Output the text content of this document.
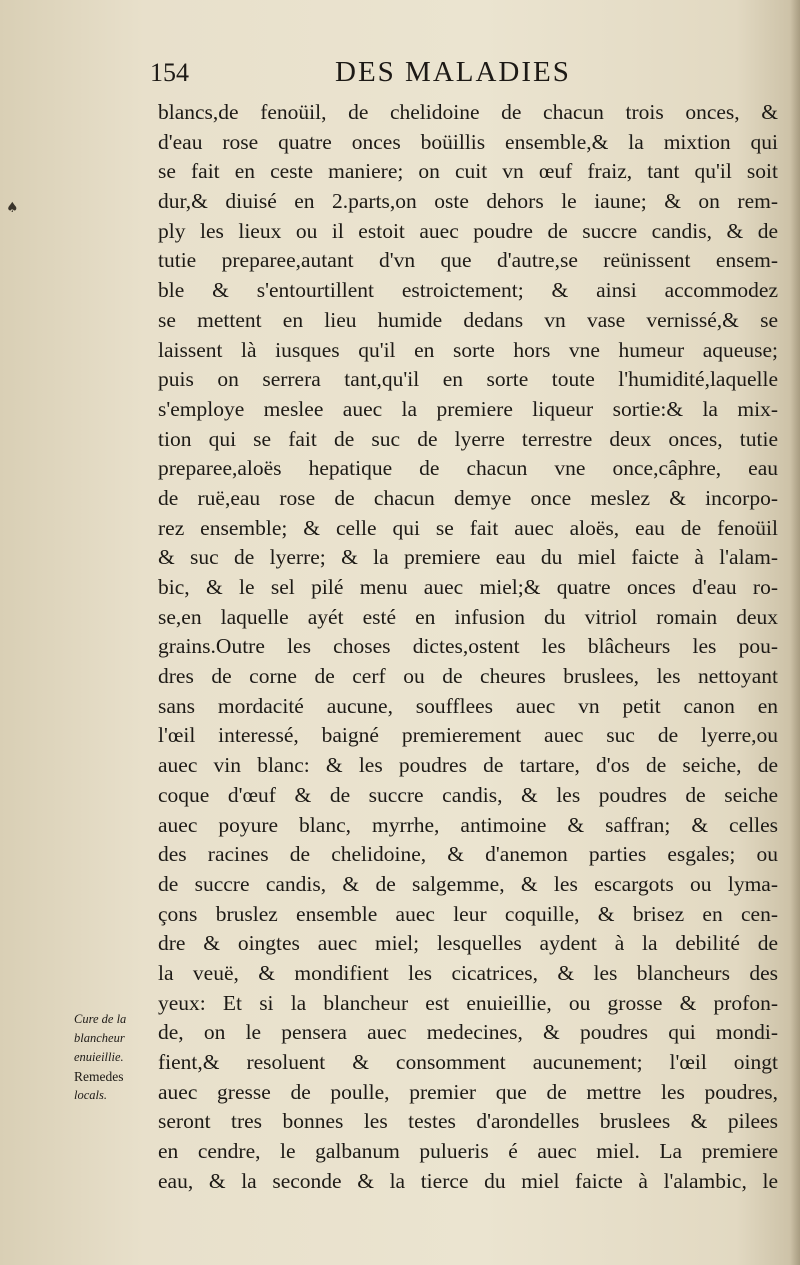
♠
154	DES MALADIES
blancs,de fenoüil, de chelidoine de chacun trois onces, &
d'eau rose quatre onces boüillis ensemble,& la mixtion qui
se fait en ceste maniere; on cuit vn œuf fraiz, tant qu'il soit
dur,& diuisé en 2.parts,on oste dehors le iaune; & on rem-
ply les lieux ou il estoit auec poudre de succre candis, & de
tutie preparee,autant d'vn que d'autre,se reünissent ensem-
ble & s'entourtillent estroictement; & ainsi accommodez
se mettent en lieu humide dedans vn vase vernissé,& se
laissent là iusques qu'il en sorte hors vne humeur aqueuse;
puis on serrera tant,qu'il en sorte toute l'humidité,laquelle
s'employe meslee auec la premiere liqueur sortie:& la mix-
tion qui se fait de suc de lyerre terrestre deux onces, tutie
preparee,aloës hepatique de chacun vne once,câphre, eau
de ruë,eau rose de chacun demye once meslez & incorpo-
rez ensemble; & celle qui se fait auec aloës, eau de fenoüil
& suc de lyerre; & la premiere eau du miel faicte à l'alam-
bic, & le sel pilé menu auec miel;& quatre onces d'eau ro-
se,en laquelle ayét esté en infusion du vitriol romain deux
grains.Outre les choses dictes,ostent les blâcheurs les pou-
dres de corne de cerf ou de cheures bruslees, les nettoyant
sans mordacité aucune, soufflees auec vn petit canon en
l'œil interessé, baigné premierement auec suc de lyerre,ou
auec vin blanc: & les poudres de tartare, d'os de seiche, de
coque d'œuf & de succre candis, & les poudres de seiche
auec poyure blanc, myrrhe, antimoine & saffran; & celles
des racines de chelidoine, & d'anemon parties esgales; ou
de succre candis, & de salgemme, & les escargots ou lyma-
çons bruslez ensemble auec leur coquille, & brisez en cen-
dre & oingtes auec miel; lesquelles aydent à la debilité de
la veuë, & mondifient les cicatrices, & les blancheurs des
yeux: Et si la blancheur est enuieillie, ou grosse & profon-
de, on le pensera auec medecines, & poudres qui mondi-
fient,& resoluent & consomment aucunement; l'œil oingt
auec gresse de poulle, premier que de mettre les poudres,
seront tres bonnes les testes d'arondelles bruslees & pilees
en cendre, le galbanum pulueris é auec miel. La premiere
eau, & la seconde & la tierce du miel faicte à l'alambic, le
Cure de la
blancheur
enuieillie.
Remedes
locals.
